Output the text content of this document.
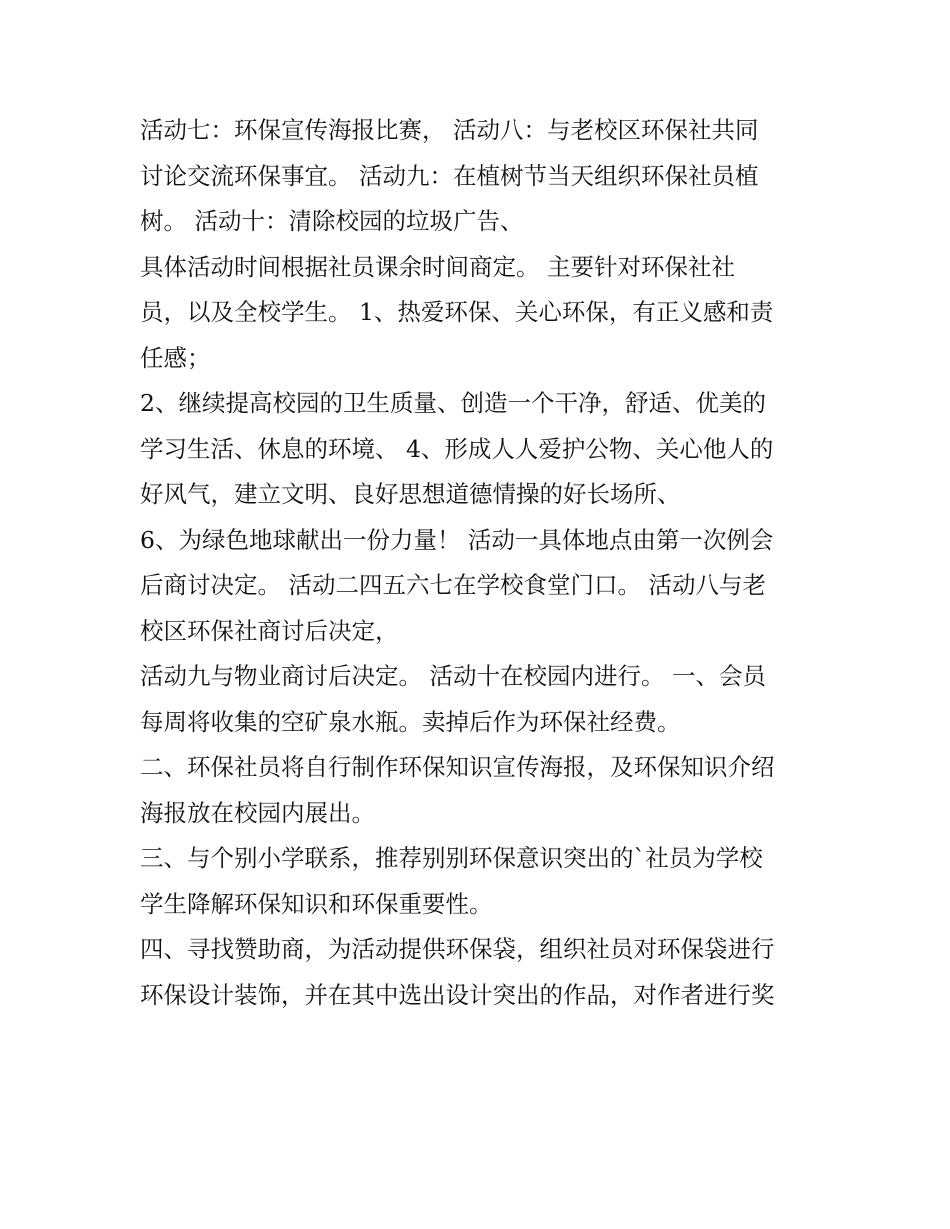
活动七：环保宣传海报比赛， 活动八：与老校区环保社共同
讨论交流环保事宜。 活动九：在植树节当天组织环保社员植
树。 活动十：清除校园的垃圾广告、

具体活动时间根据社员课余时间商定。 主要针对环保社社
员，以及全校学生。 1、热爱环保、关心环保，有正义感和责
任感；

2、继续提高校园的卫生质量、创造一个干净，舒适、优美的
学习生活、休息的环境、 4、形成人人爱护公物、关心他人的
好风气，建立文明、良好思想道德情操的好长场所、

6、为绿色地球献出一份力量！ 活动一具体地点由第一次例会
后商讨决定。 活动二四五六七在学校食堂门口。 活动八与老
校区环保社商讨后决定，

活动九与物业商讨后决定。 活动十在校园内进行。 一、会员
每周将收集的空矿泉水瓶。卖掉后作为环保社经费。

二、环保社员将自行制作环保知识宣传海报，及环保知识介绍
海报放在校园内展出。

三、与个别小学联系，推荐别别环保意识突出的`社员为学校
学生降解环保知识和环保重要性。

四、寻找赞助商，为活动提供环保袋，组织社员对环保袋进行
环保设计装饰，并在其中选出设计突出的作品，对作者进行奖
